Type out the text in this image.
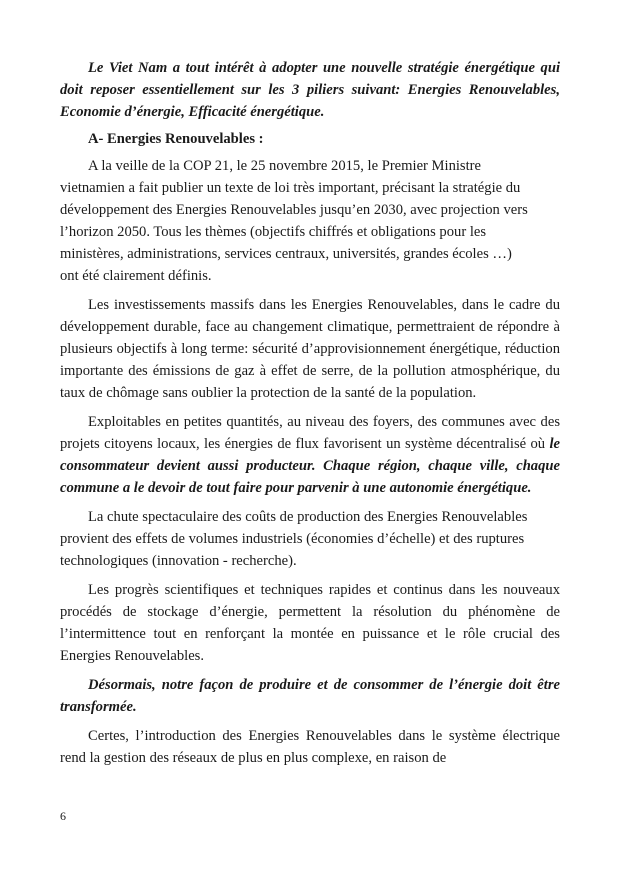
Le Viet Nam a tout intérêt à adopter une nouvelle stratégie énergétique qui doit reposer essentiellement sur les 3 piliers suivant: Energies Renouvelables, Economie d’énergie, Efficacité énergétique.

A- Energies Renouvelables :

A la veille de la COP 21, le 25 novembre 2015, le Premier Ministre
vietnamien a fait publier un texte de loi très important, précisant la stratégie du
développement des Energies Renouvelables jusqu’en 2030, avec projection vers
l’horizon 2050. Tous les thèmes (objectifs chiffrés et obligations pour les
ministères, administrations, services centraux, universités, grandes écoles …)
ont été clairement définis.

Les investissements massifs dans les Energies Renouvelables, dans le cadre du développement durable, face au changement climatique, permettraient de répondre à plusieurs objectifs à long terme: sécurité d’approvisionnement énergétique, réduction importante des émissions de gaz à effet de serre, de la pollution atmosphérique, du taux de chômage sans oublier la protection de la santé de la population.

Exploitables en petites quantités, au niveau des foyers, des communes avec des projets citoyens locaux, les énergies de flux favorisent un système décentralisé où le consommateur devient aussi producteur. Chaque région, chaque ville, chaque commune a le devoir de tout faire pour parvenir à une autonomie énergétique.

La chute spectaculaire des coûts de production des Energies Renouvelables
provient des effets de volumes industriels (économies d’échelle) et des ruptures
technologiques (innovation - recherche).

Les progrès scientifiques et techniques rapides et continus dans les nouveaux procédés de stockage d’énergie, permettent la résolution du phénomène de l’intermittence tout en renforçant la montée en puissance et le rôle crucial des Energies Renouvelables.

Désormais, notre façon de produire et de consommer de l’énergie doit être transformée.

Certes, l’introduction des Energies Renouvelables dans le système électrique rend la gestion des réseaux de plus en plus complexe, en raison de

6
